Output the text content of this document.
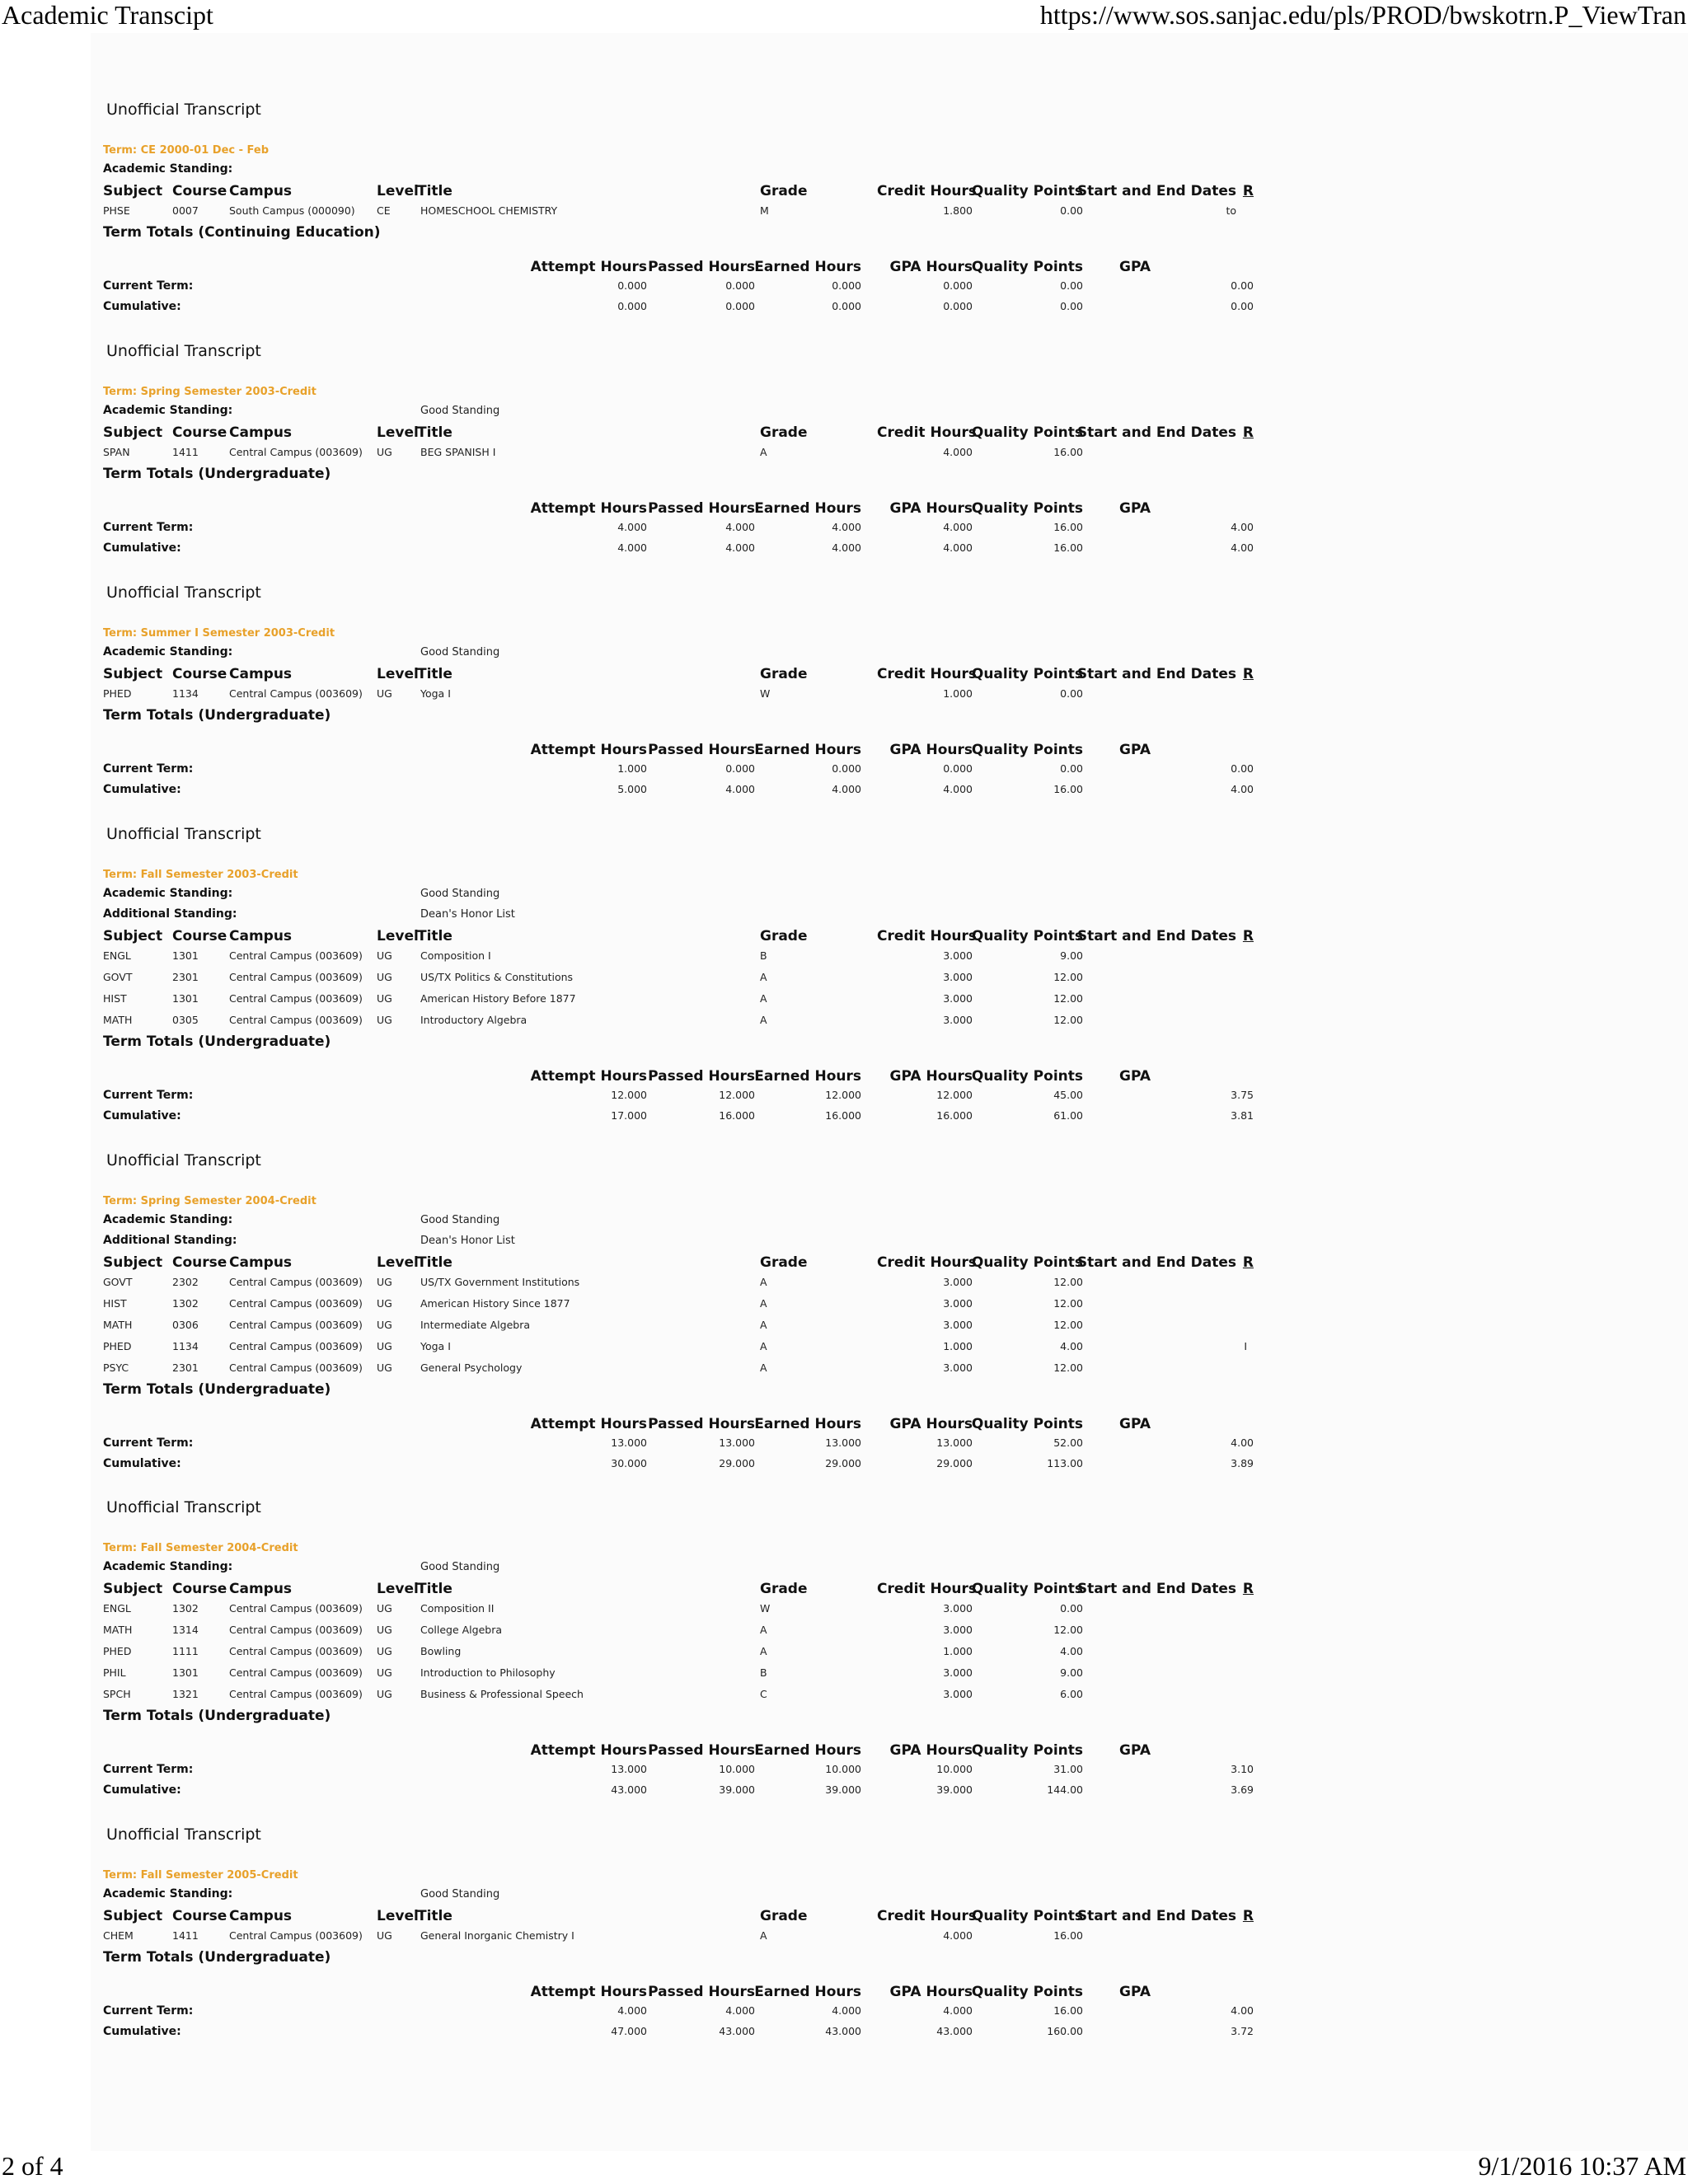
Academic Transcipt	https://www.sos.sanjac.edu/pls/PROD/bwskotrn.P_ViewTran
Unofficial Transcript
Term: CE 2000-01 Dec - Feb
Academic Standing:
Subject Course Campus	Level
Title	Grade	Credit Hours
Quality Points
Start and End Dates R
PHSE	0007	South Campus (000090) CE	HOMESCHOOL CHEMISTRY	M	1.800	0.00	to
Term Totals (Continuing Education)
Attempt Hours Passed Hours Earned Hours	GPA Hours
Quality Points	GPA
Current Term:	0.000	0.000	0.000	0.000	0.00	0.00
Cumulative:	0.000	0.000	0.000	0.000	0.00	0.00
Unofficial Transcript
Term: Spring Semester 2003-Credit
Academic Standing:	Good Standing
Subject Course Campus	Level
Title	Grade	Credit Hours
Quality Points
Start and End Dates R
SPAN	1411	Central Campus (003609) UG	BEG SPANISH I	A	4.000	16.00
Term Totals (Undergraduate)
Attempt Hours Passed Hours Earned Hours	GPA Hours
Quality Points	GPA
Current Term:	4.000	4.000	4.000	4.000	16.00	4.00
Cumulative:	4.000	4.000	4.000	4.000	16.00	4.00
Unofficial Transcript
Term: Summer I Semester 2003-Credit
Academic Standing:	Good Standing
Subject Course Campus	Level
Title	Grade	Credit Hours
Quality Points
Start and End Dates R
PHED	1134	Central Campus (003609) UG	Yoga I	W	1.000	0.00
Term Totals (Undergraduate)
Attempt Hours Passed Hours Earned Hours	GPA Hours
Quality Points	GPA
Current Term:	1.000	0.000	0.000	0.000	0.00	0.00
Cumulative:	5.000	4.000	4.000	4.000	16.00	4.00
Unofficial Transcript
Term: Fall Semester 2003-Credit
Academic Standing:	Good Standing
Additional Standing:	Dean's Honor List
Subject Course Campus	Level
Title	Grade	Credit Hours
Quality Points
Start and End Dates R
ENGL	1301	Central Campus (003609) UG	Composition I	B	3.000	9.00
GOVT	2301	Central Campus (003609) UG	US/TX Politics & Constitutions	A	3.000	12.00
HIST	1301	Central Campus (003609) UG	American History Before 1877	A	3.000	12.00
MATH	0305	Central Campus (003609) UG	Introductory Algebra	A	3.000	12.00
Term Totals (Undergraduate)
Attempt Hours Passed Hours Earned Hours	GPA Hours
Quality Points	GPA
Current Term:	12.000	12.000	12.000	12.000	45.00	3.75
Cumulative:	17.000	16.000	16.000	16.000	61.00	3.81
Unofficial Transcript
Term: Spring Semester 2004-Credit
Academic Standing:	Good Standing
Additional Standing:	Dean's Honor List
Subject Course Campus	Level
Title	Grade	Credit Hours
Quality Points
Start and End Dates R
GOVT	2302	Central Campus (003609) UG	US/TX Government Institutions	A	3.000	12.00
HIST	1302	Central Campus (003609) UG	American History Since 1877	A	3.000	12.00
MATH	0306	Central Campus (003609) UG	Intermediate Algebra	A	3.000	12.00
PHED	1134	Central Campus (003609) UG	Yoga I	A	1.000	4.00	I
PSYC	2301	Central Campus (003609) UG	General Psychology	A	3.000	12.00
Term Totals (Undergraduate)
Attempt Hours Passed Hours Earned Hours	GPA Hours
Quality Points	GPA
Current Term:	13.000	13.000	13.000	13.000	52.00	4.00
Cumulative:	30.000	29.000	29.000	29.000	113.00	3.89
Unofficial Transcript
Term: Fall Semester 2004-Credit
Academic Standing:	Good Standing
Subject Course Campus	Level
Title	Grade	Credit Hours
Quality Points
Start and End Dates R
ENGL	1302	Central Campus (003609) UG	Composition II	W	3.000	0.00
MATH	1314	Central Campus (003609) UG	College Algebra	A	3.000	12.00
PHED	1111	Central Campus (003609) UG	Bowling	A	1.000	4.00
PHIL	1301	Central Campus (003609) UG	Introduction to Philosophy	B	3.000	9.00
SPCH	1321	Central Campus (003609) UG	Business & Professional Speech	C	3.000	6.00
Term Totals (Undergraduate)
Attempt Hours Passed Hours Earned Hours	GPA Hours
Quality Points	GPA
Current Term:	13.000	10.000	10.000	10.000	31.00	3.10
Cumulative:	43.000	39.000	39.000	39.000	144.00	3.69
Unofficial Transcript
Term: Fall Semester 2005-Credit
Academic Standing:	Good Standing
Subject Course Campus	Level
Title	Grade	Credit Hours
Quality Points
Start and End Dates R
CHEM	1411	Central Campus (003609) UG	General Inorganic Chemistry I	A	4.000	16.00
Term Totals (Undergraduate)
Attempt Hours Passed Hours Earned Hours	GPA Hours
Quality Points	GPA
Current Term:	4.000	4.000	4.000	4.000	16.00	4.00
Cumulative:	47.000	43.000	43.000	43.000	160.00	3.72
2 of 4	9/1/2016 10:37 AM
